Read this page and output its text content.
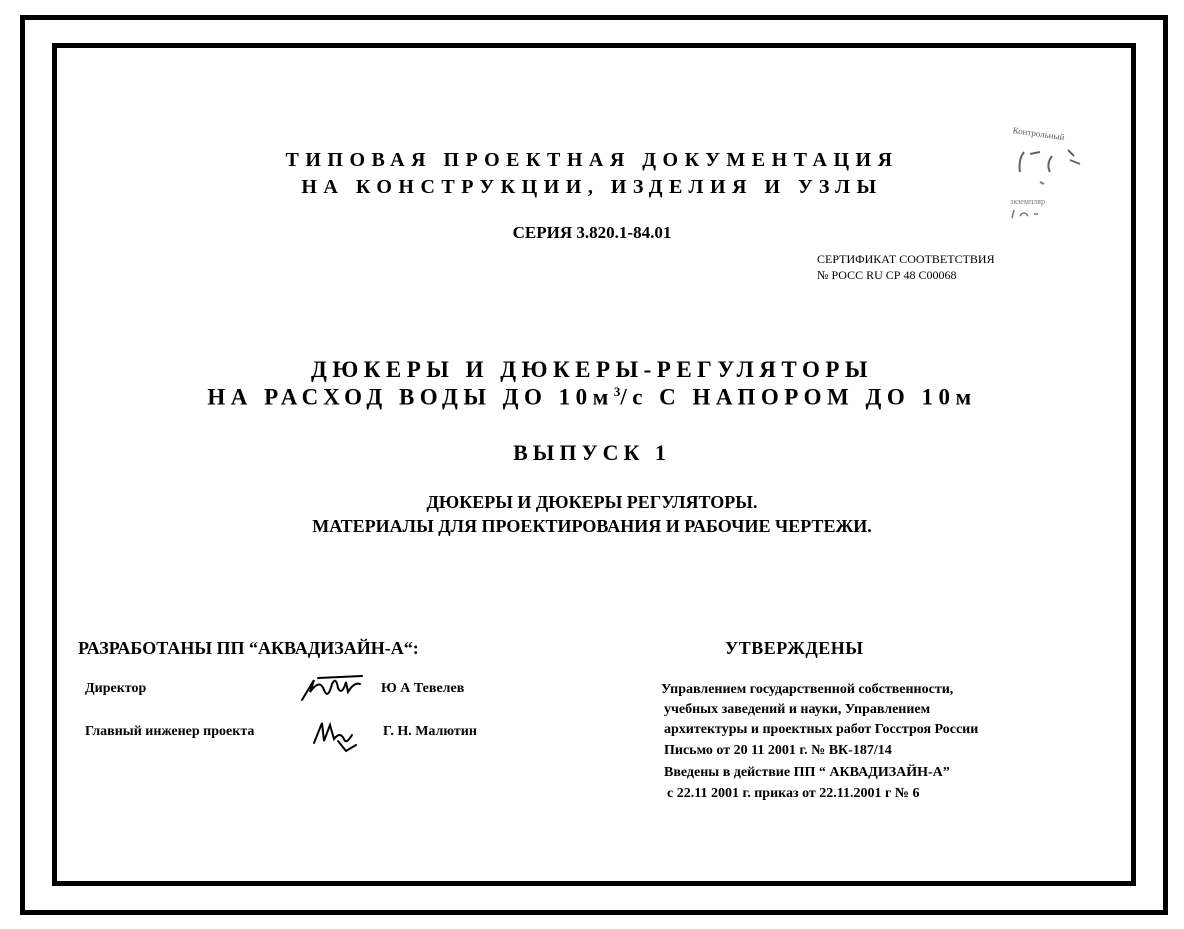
ТИПОВАЯ ПРОЕКТНАЯ ДОКУМЕНТАЦИЯ
НА КОНСТРУКЦИИ, ИЗДЕЛИЯ И УЗЛЫ
СЕРИЯ 3.820.1-84.01
СЕРТИФИКАТ СООТВЕТСТВИЯ
№ РОСС RU СР 48 С00068
Контрольный
экземпляр
ДЮКЕРЫ И ДЮКЕРЫ-РЕГУЛЯТОРЫ
НА РАСХОД ВОДЫ ДО $10м^3/с$ С НАПОРОМ ДО 10м
ВЫПУСК 1
ДЮКЕРЫ И ДЮКЕРЫ РЕГУЛЯТОРЫ.
МАТЕРИАЛЫ ДЛЯ ПРОЕКТИРОВАНИЯ И РАБОЧИЕ ЧЕРТЕЖИ.
РАЗРАБОТАНЫ ПП “АКВАДИЗАЙН-А“:	УТВЕРЖДЕНЫ
Директор	Ю А Тевелев
Главный инженер проекта	Г. Н. Малютин
Управлением государственной собственности,
учебных заведений и науки, Управлением
архитектуры и проектных работ Госстроя России
Письмо от 20 11 2001 г. № ВК-187/14
Введены в действие ПП “ АКВАДИЗАЙН-А”
с 22.11 2001 г. приказ от 22.11.2001 г № 6
